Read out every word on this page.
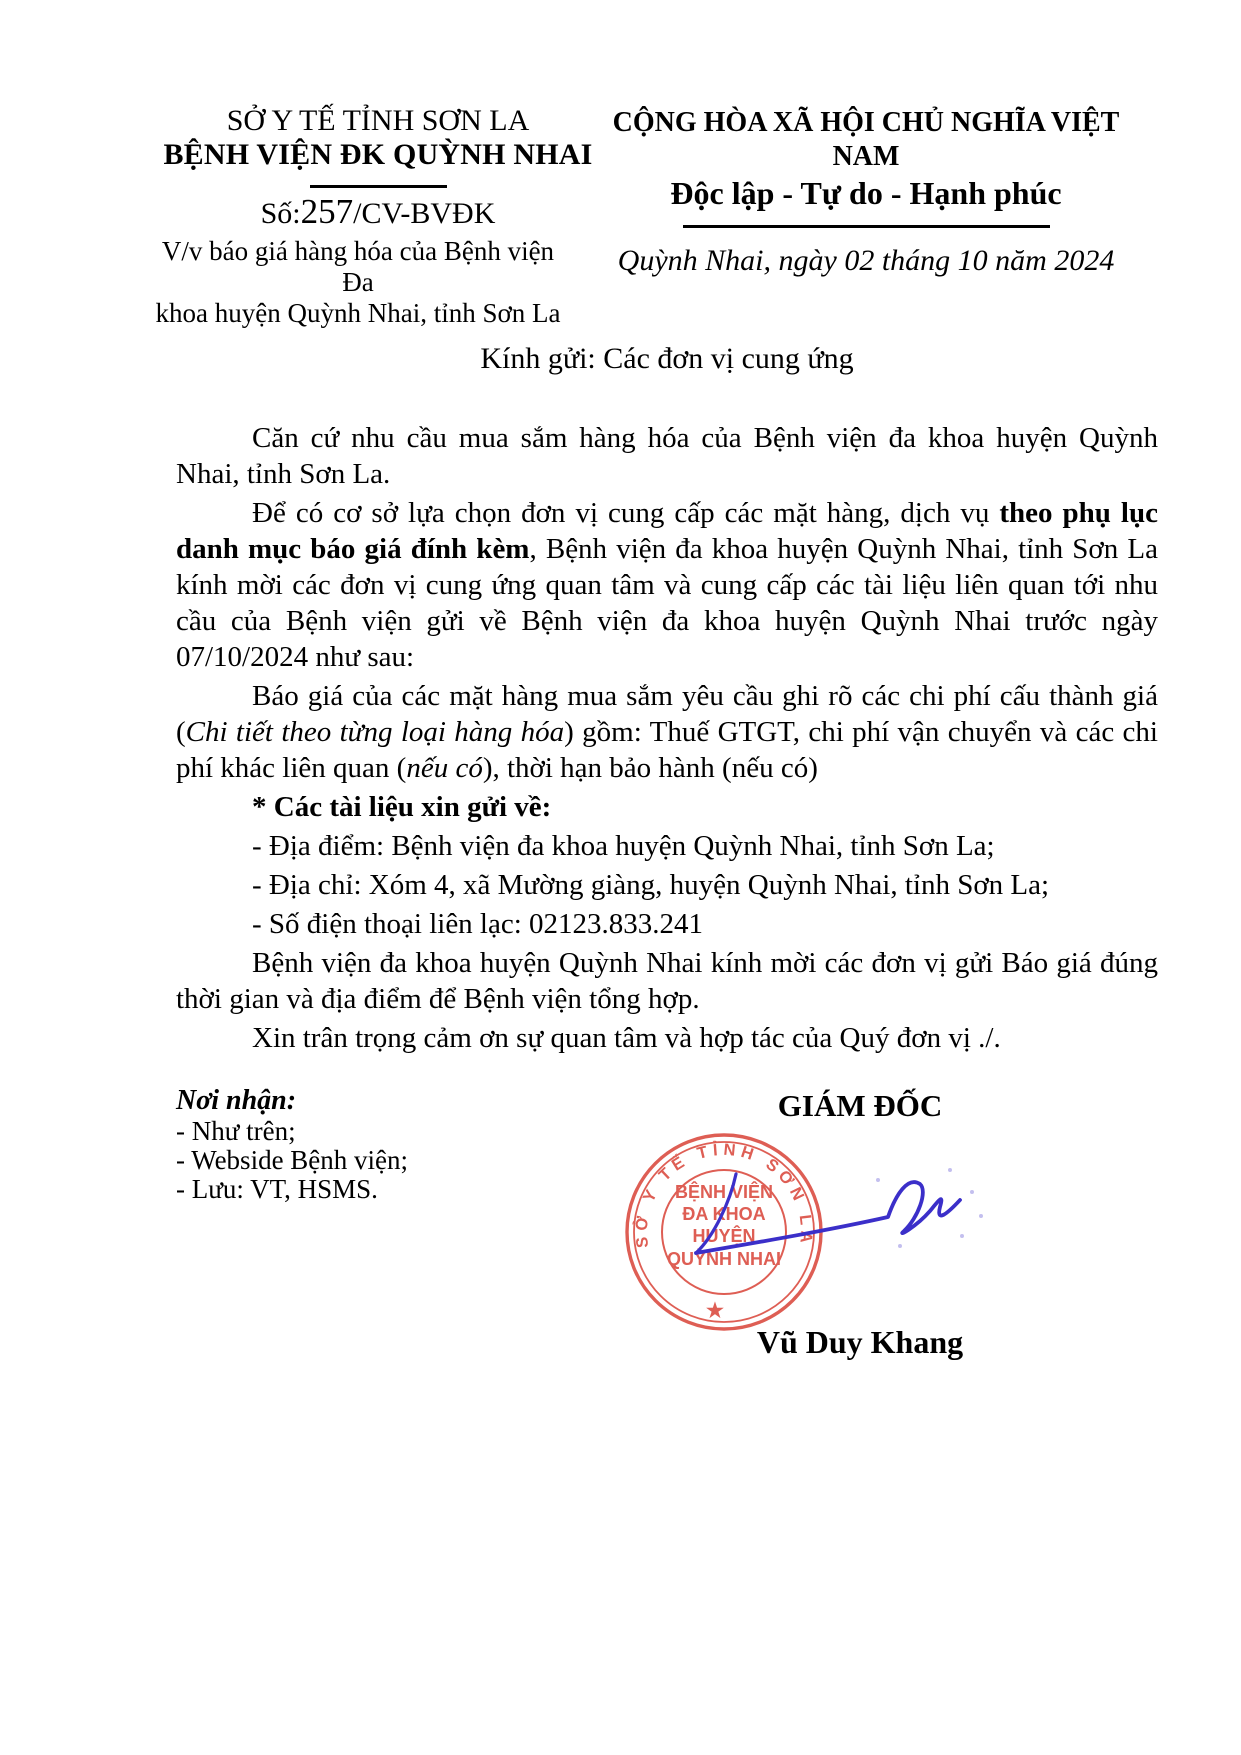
SỞ Y TẾ TỈNH SƠN LA
BỆNH VIỆN ĐK QUỲNH NHAI
Số:257/CV-BVĐK
V/v báo giá hàng hóa của Bệnh viện Đa
khoa huyện Quỳnh Nhai, tỉnh Sơn La
CỘNG HÒA XÃ HỘI CHỦ NGHĨA VIỆT NAM
Độc lập - Tự do - Hạnh phúc
Quỳnh Nhai, ngày 02 tháng 10 năm 2024
Kính gửi: Các đơn vị cung ứng
Căn cứ nhu cầu mua sắm hàng hóa của Bệnh viện đa khoa huyện Quỳnh
Nhai, tỉnh Sơn La.
Để có cơ sở lựa chọn đơn vị cung cấp các mặt hàng, dịch vụ theo phụ lục
danh mục báo giá đính kèm, Bệnh viện đa khoa huyện Quỳnh Nhai, tỉnh Sơn La
kính mời các đơn vị cung ứng quan tâm và cung cấp các tài liệu liên quan tới nhu
cầu của Bệnh viện gửi về Bệnh viện đa khoa huyện Quỳnh Nhai trước ngày
07/10/2024 như sau:
Báo giá của các mặt hàng mua sắm yêu cầu ghi rõ các chi phí cấu thành giá
(Chi tiết theo từng loại hàng hóa) gồm: Thuế GTGT, chi phí vận chuyển và các chi
phí khác liên quan (nếu có), thời hạn bảo hành (nếu có)
* Các tài liệu xin gửi về:
- Địa điểm: Bệnh viện đa khoa huyện Quỳnh Nhai, tỉnh Sơn La;
- Địa chỉ: Xóm 4, xã Mường giàng, huyện Quỳnh Nhai, tỉnh Sơn La;
- Số điện thoại liên lạc: 02123.833.241
Bệnh viện đa khoa huyện Quỳnh Nhai kính mời các đơn vị gửi Báo giá đúng
thời gian và địa điểm để Bệnh viện tổng hợp.
Xin trân trọng cảm ơn sự quan tâm và hợp tác của Quý đơn vị ./.
Nơi nhận:
- Như trên;
- Webside Bệnh viện;
- Lưu: VT, HSMS.
GIÁM ĐỐC
SỞ Y TẾ TỈNH SƠN LA
BỆNH VIỆN
ĐA KHOA
HUYỆN
QUỲNH NHAI
★
Vũ Duy Khang
